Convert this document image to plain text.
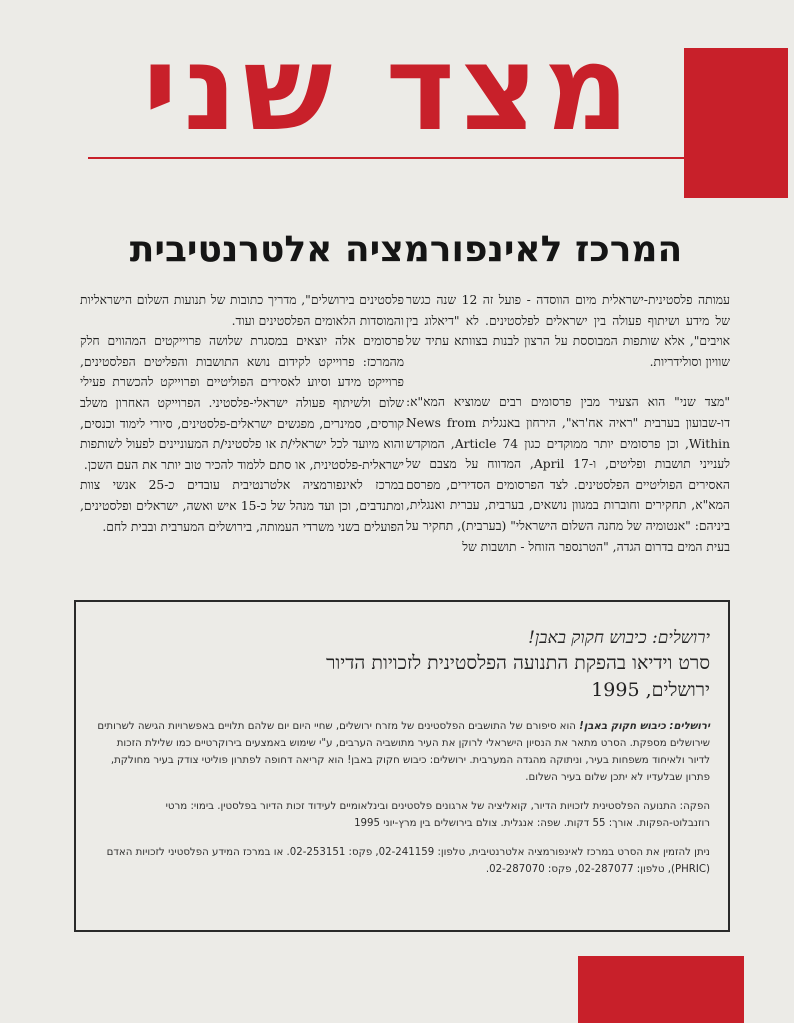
מצד שני
המרכז לאינפורמציה אלטרנטיבית

עמותה פלסטינית-ישראלית מיום הווסדה - פועל זה 12 שנה כגשר של מידע ושיתוף פעולה בין ישראלים לפלסטינים. לא "דיאלוג בין אויבים", אלא שותפות המבוססת על הרצון לבנות בצוותא עתיד של שוויון וסולידריות.

"מצד שני" הוא הצעיר מבין פרסומים רבים שמוציא המא"א: דו-שבועון בערבית "ראיה אח'רא", הירחון באנגלית News from Within, וכן פרסומים יותר ממוקדים כגון Article 74, המוקדש לענייני תושבות ופליטים, ו-April 17, המדווח על מצבם של האסירים הפוליטיים הפלסטינים. לצד הפרסומים הסדירים, מפרסם המא"א, תחקירים וחוברות במגוון נושאים, בערבית, עברית ואנגלית, ביניהם: "אנטומיה של מחנה השלום הישראלי" (בערבית), תחקיר על בעית המים בדרום הגדה, "הטרנספר הזוחל - תושבות של

פלסטינים בירושלים", מדריך כתובות של תנועות השלום הישראליות והמוסדות הלאומים הפלסטינים ועוד.

פרסומים אלה יוצאים במסגרת שלושה פרוייקטים המהווים חלק מהמרכז: פרוייקט לקידום נושא התושבות והפליטים הפלסטינים, פרוייקט מידע וסיוע לאסירים הפוליטיים ופרוייקט להכשרת פעילי שלום ולשיתוף פעולה ישראלי-פלסטיני. הפרוייקט האחרון משלב קורסים, סמינרים, מפגשים ישראלים-פלסטינים, סיורי לימוד וכנסים, והוא מיועד לכל ישראלי/ת או פלסטיני/ת המעוניינים לפעול לשותפות ישראלית-פלסטינית, או סתם ללמוד להכיר טוב יותר את העם השכן.

במרכז לאינפורמציה אלטרנטיבית עובדים כ-25 אנשי צוות ומתנדבים, וכן ועד מנהל של כ-15 איש ואשה, ישראלים ופלסטינים, הפועלים בשני משרדי העמותה, בירושלים המערבית ובבית לחם.

ירושלים: כיבוש חקוק באבן!

סרט וידיאו בהפקת התנועה הפלסטינית לזכויות הדיור

ירושלים, 1995

ירושלים: כיבוש חקוק באבן! הוא סיפורם של התושבים הפלסטינים של מזרח ירושלים, שחיי היום יום שלהם תלויים באפשרויות הגישה לשרותים שירושלים מספקת. הסרט מתאר את הנסיון הישראלי לרוקן את העיר מתושביה הערבים, ע"י שימוש באמצעים בירוקרטיים כמו שלילת הזכות לדיור ולאיחוד משפחות בעיר, וניתוקה מהגדה המערבית. ירושלים: כיבוש חקוק באבן! הוא קריאה דחופה לפתרון פוליטי צודק בעיר מחולקת, פתרון שבלעדיו לא יתכן שלום בעיר השלום.

הפקה: התנועה הפלסטינית לזכויות הדיור, קואליציה של ארגונים פלסטינים ובינלאומיים לעידוד זכות הדיור בפלסטין. בימוי: מרטי רוזנבלוט-הפקות. אורך: 55 דקות. שפה: אנגלית. צולם בירושלים בין מרץ-יוני 1995

ניתן להזמין את הסרט במרכז לאינפורמציה אלטרנטיבית, טלפון: 02-241159, פקס: 02-253151. או במרכז המידע הפלסטיני לזכויות האדם (PHRIC), טלפון: 02-287077, פקס: 02-287070.
